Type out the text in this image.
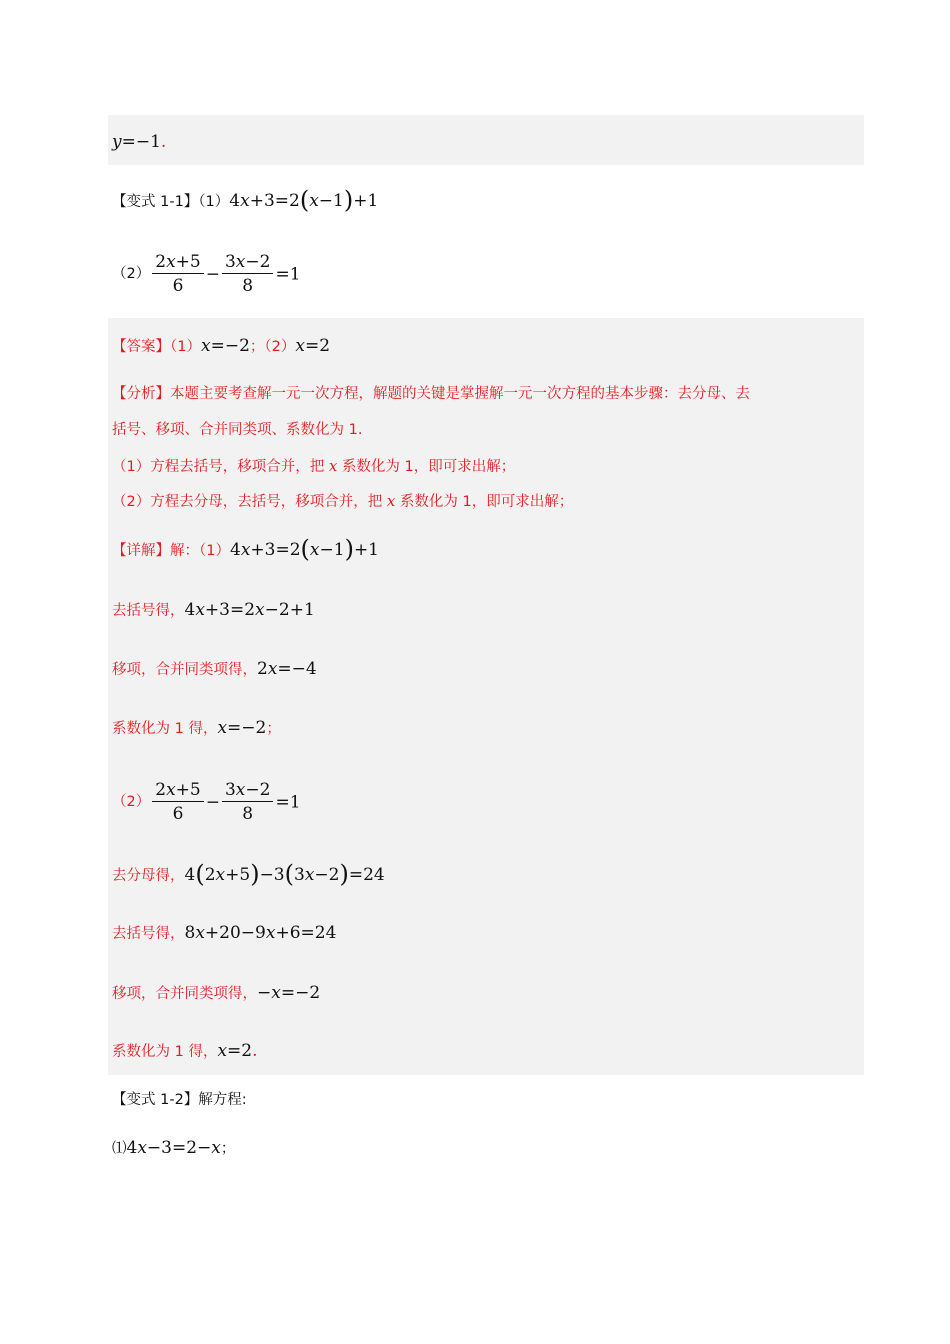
y=−1.
【变式 1-1】（1）4x+3=2(x−1)+1
$(2) \frac{2x+5}{6} - \frac{3x-2}{8} =1$
【答案】（1）x=−2；（2）x=2
【分析】本题主要考查解一元一次方程，解题的关键是掌握解一元一次方程的基本步骤：去分母、去
括号、移项、合并同类项、系数化为 1.
（1）方程去括号，移项合并，把 x 系数化为 1，即可求出解；
（2）方程去分母，去括号，移项合并，把 x 系数化为 1，即可求出解；
【详解】解：（1）4x+3=2(x−1)+1
去括号得，4x+3=2x−2+1
移项，合并同类项得，2x=−4
系数化为 1 得，x=−2；
$(2) \frac{2x+5}{6} - \frac{3x-2}{8} =1$
去分母得，4(2x+5)−3(3x−2)=24
去括号得，8x+20−9x+6=24
移项，合并同类项得，−x=−2
系数化为 1 得，x=2.
【变式 1-2】解方程:
⑴4x−3=2−x；
